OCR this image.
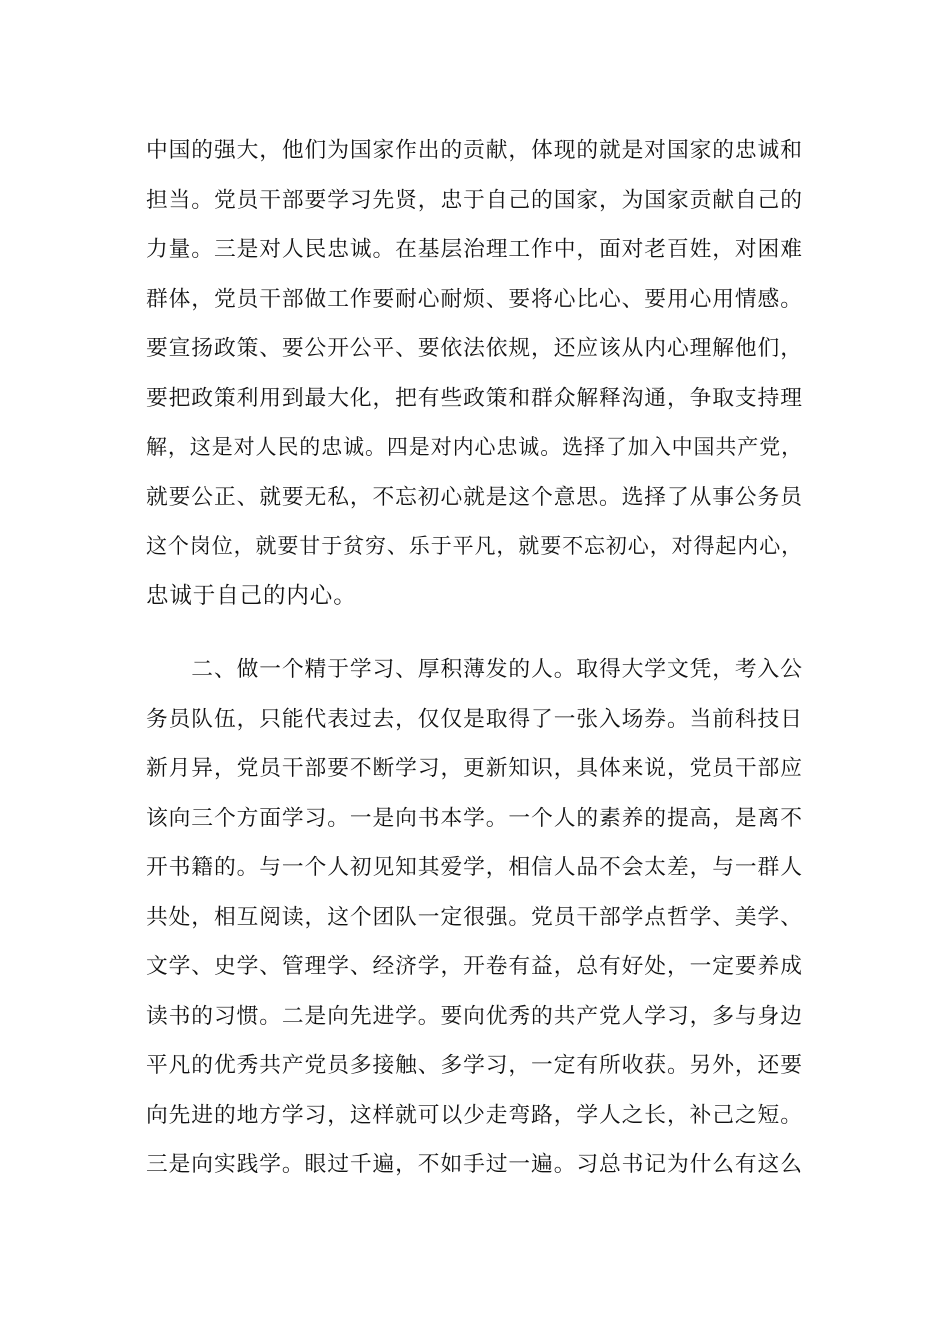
中国的强大，他们为国家作出的贡献，体现的就是对国家的忠诚和
担当。党员干部要学习先贤，忠于自己的国家，为国家贡献自己的
力量。三是对人民忠诚。在基层治理工作中，面对老百姓，对困难
群体，党员干部做工作要耐心耐烦、要将心比心、要用心用情感。
要宣扬政策、要公开公平、要依法依规，还应该从内心理解他们，
要把政策利用到最大化，把有些政策和群众解释沟通，争取支持理
解，这是对人民的忠诚。四是对内心忠诚。选择了加入中国共产党，
就要公正、就要无私，不忘初心就是这个意思。选择了从事公务员
这个岗位，就要甘于贫穷、乐于平凡，就要不忘初心，对得起内心，
忠诚于自己的内心。
　　二、做一个精于学习、厚积薄发的人。取得大学文凭，考入公
务员队伍，只能代表过去，仅仅是取得了一张入场券。当前科技日
新月异，党员干部要不断学习，更新知识，具体来说，党员干部应
该向三个方面学习。一是向书本学。一个人的素养的提高，是离不
开书籍的。与一个人初见知其爱学，相信人品不会太差，与一群人
共处，相互阅读，这个团队一定很强。党员干部学点哲学、美学、
文学、史学、管理学、经济学，开卷有益，总有好处，一定要养成
读书的习惯。二是向先进学。要向优秀的共产党人学习，多与身边
平凡的优秀共产党员多接触、多学习，一定有所收获。另外，还要
向先进的地方学习，这样就可以少走弯路，学人之长，补己之短。
三是向实践学。眼过千遍，不如手过一遍。习总书记为什么有这么
